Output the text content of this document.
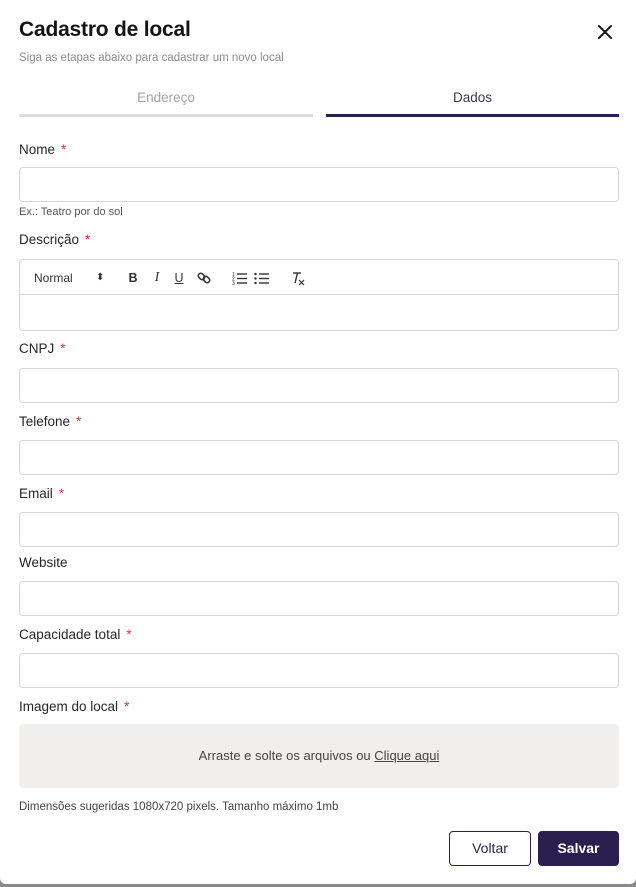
Cadastro de local
Siga as etapas abaixo para cadastrar um novo local
Endereço	Dados
Nome *
Ex.: Teatro por do sol
Descrição *
Normal ⬍ B	I	U	1
2
3
CNPJ *
Telefone *
Email *
Website
Capacidade total *
Imagem do local *
Arraste e solte os arquivos ou Clique aqui
Dimensões sugeridas 1080x720 pixels. Tamanho máximo 1mb
Voltar	Salvar
